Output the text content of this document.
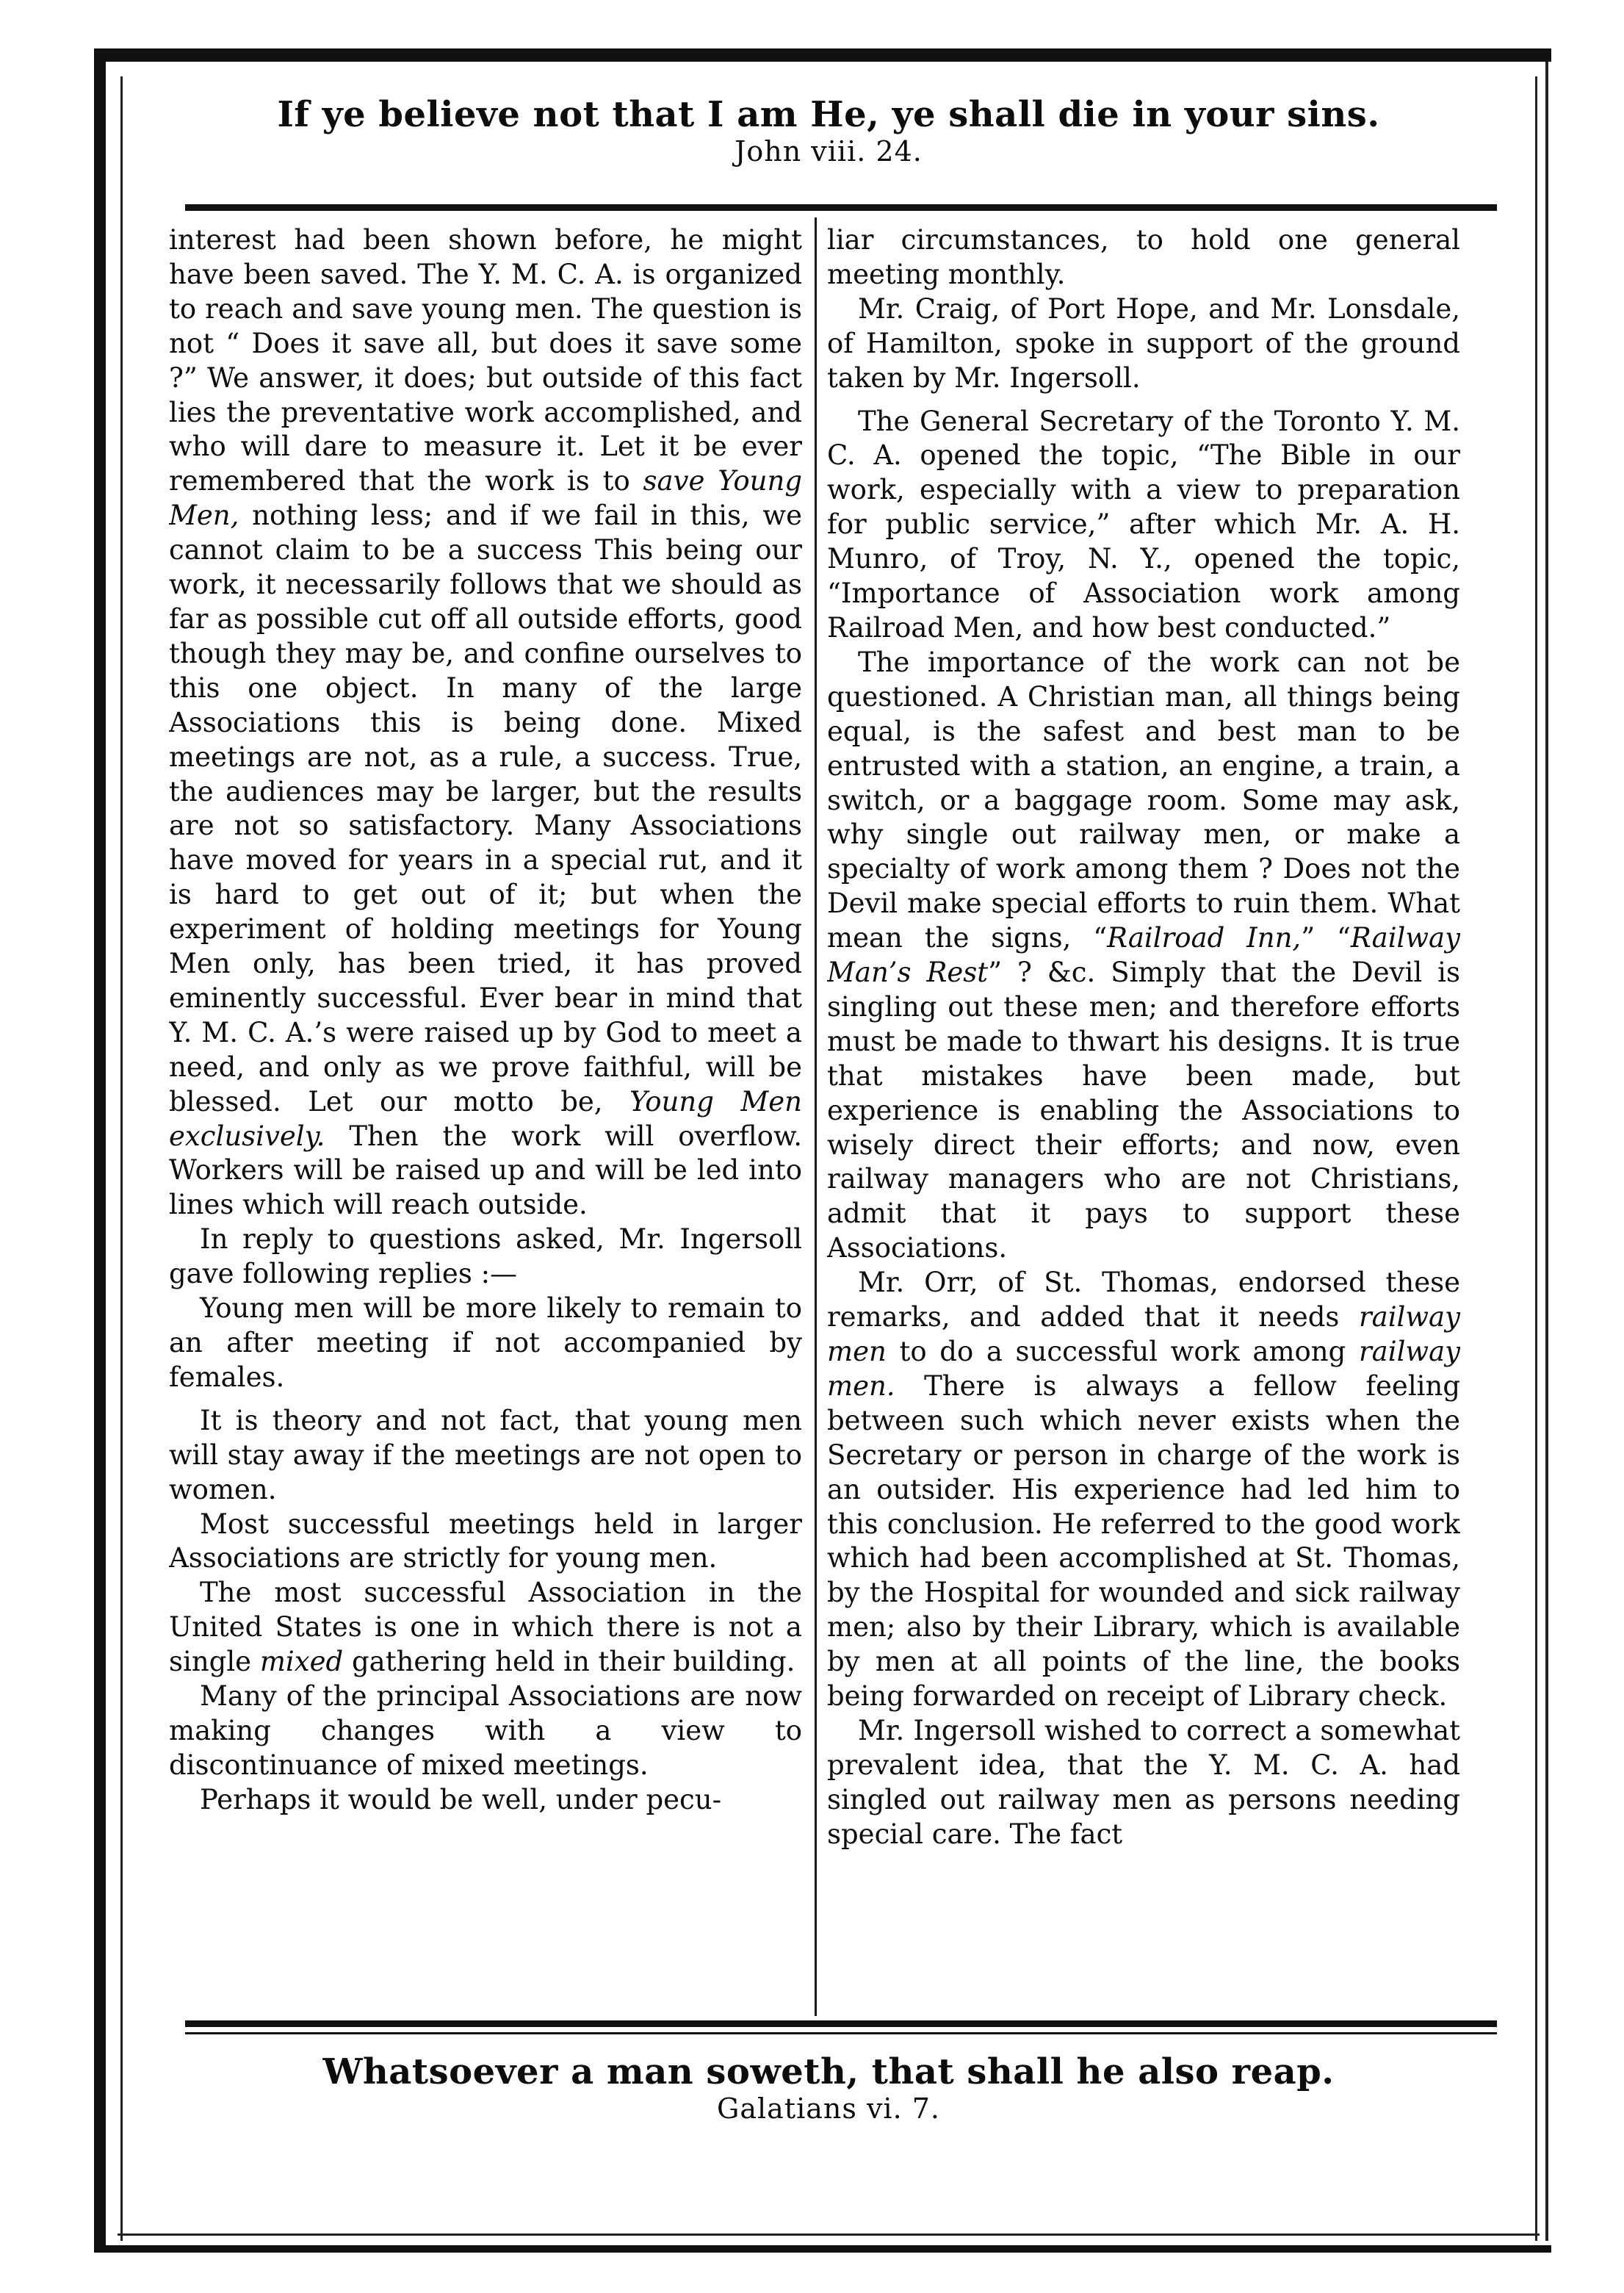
If ye believe not that I am He, ye shall die in your sins.
John viii. 24.

interest had been shown before, he might have been saved. The Y. M. C. A. is organized to reach and save young men. The question is not “ Does it save all, but does it save some ?” We answer, it does; but outside of this fact lies the preventative work accomplished, and who will dare to measure it. Let it be ever remembered that the work is to save Young Men, nothing less; and if we fail in this, we cannot claim to be a success This being our work, it necessarily follows that we should as far as possible cut off all outside efforts, good though they may be, and confine ourselves to this one object. In many of the large Associations this is being done. Mixed meetings are not, as a rule, a success. True, the audiences may be larger, but the results are not so satisfactory. Many Associations have moved for years in a special rut, and it is hard to get out of it; but when the experiment of holding meetings for Young Men only, has been tried, it has proved eminently successful. Ever bear in mind that Y. M. C. A.’s were raised up by God to meet a need, and only as we prove faithful, will be blessed. Let our motto be, Young Men exclusively. Then the work will overflow. Workers will be raised up and will be led into lines which will reach outside.

In reply to questions asked, Mr. Ingersoll gave following replies :—

Young men will be more likely to remain to an after meeting if not accompanied by females.

It is theory and not fact, that young men will stay away if the meetings are not open to women.

Most successful meetings held in larger Associations are strictly for young men.

The most successful Association in the United States is one in which there is not a single mixed gathering held in their building.

Many of the principal Associations are now making changes with a view to discontinuance of mixed meetings.

Perhaps it would be well, under pecu-

liar circumstances, to hold one general meeting monthly.

Mr. Craig, of Port Hope, and Mr. Lonsdale, of Hamilton, spoke in support of the ground taken by Mr. Ingersoll.

The General Secretary of the Toronto Y. M. C. A. opened the topic, “The Bible in our work, especially with a view to preparation for public service,” after which Mr. A. H. Munro, of Troy, N. Y., opened the topic, “Importance of Association work among Railroad Men, and how best conducted.”

The importance of the work can not be questioned. A Christian man, all things being equal, is the safest and best man to be entrusted with a station, an engine, a train, a switch, or a baggage room. Some may ask, why single out railway men, or make a specialty of work among them ? Does not the Devil make special efforts to ruin them. What mean the signs, “Railroad Inn,” “Railway Man’s Rest” ? &c. Simply that the Devil is singling out these men; and therefore efforts must be made to thwart his designs. It is true that mistakes have been made, but experience is enabling the Associations to wisely direct their efforts; and now, even railway managers who are not Christians, admit that it pays to support these Associations.

Mr. Orr, of St. Thomas, endorsed these remarks, and added that it needs railway men to do a successful work among railway men. There is always a fellow feeling between such which never exists when the Secretary or person in charge of the work is an outsider. His experience had led him to this conclusion. He referred to the good work which had been accomplished at St. Thomas, by the Hospital for wounded and sick railway men; also by their Library, which is available by men at all points of the line, the books being forwarded on receipt of Library check.

Mr. Ingersoll wished to correct a somewhat prevalent idea, that the Y. M. C. A. had singled out railway men as persons needing special care. The fact

Whatsoever a man soweth, that shall he also reap.
Galatians vi. 7.
